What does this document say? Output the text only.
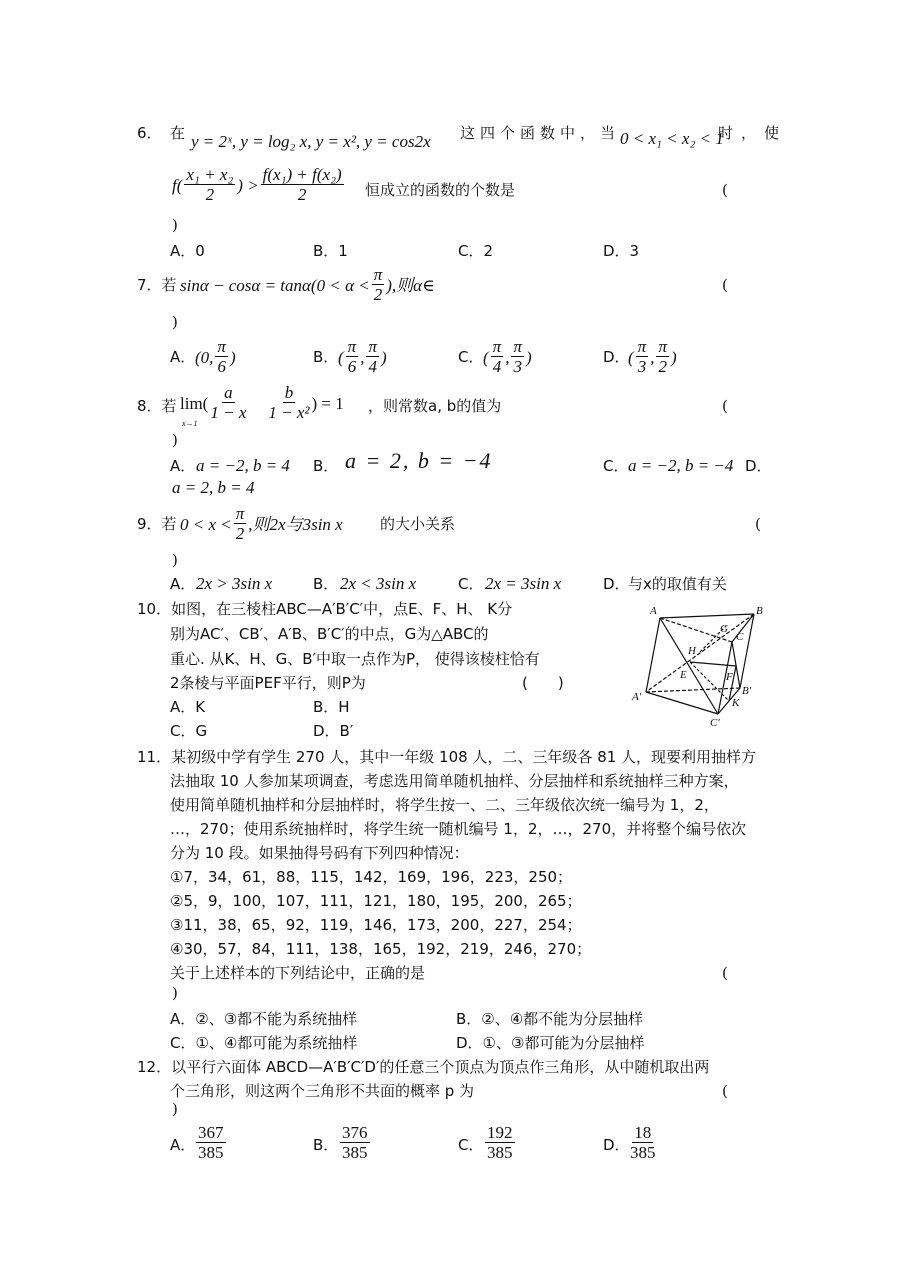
6． 在 y = 2ˣ, y = log₂ x, y = x², y = cos2x 这四个函数中，当 0 < x₁ < x₂ < 1
时，使
$f( \frac{\text{x₁ + x₂}}{2}$ ) > $\frac{\text{f(x₁) + f(x₂)}}{2}$ 恒成立的函数的个数是	(
)
A．0	B．1	C．2	D．3
7．若 $\sin\alpha - \cos\alpha = \tan\alpha(0 < \alpha < \frac{\pi}{2}$ ),则α∈	(
)
A． (0, $\frac{\pi}{6}$ )	B． ( $\frac{\pi}{6}$ , $\frac{\pi}{4}$ )	C． ( $\frac{\pi}{4}$ , $\frac{\pi}{3}$ )	D．
( $\frac{\pi}{3}$ , $\frac{\pi}{2}$ )
8．若 lim(
$x\to 1 \frac{a}{1 - x} \frac{b}{\text{1 − x²}}$ ) = 1 ，则常数a, b的值为	(
)
A． a = −2, b = 4 B． a = 2, b = −4	C． a = −2, b = −4 D．
a = 2, b = 4
9．若 $0 < x < \frac{\pi}{2}$ ,则2x与3sin x 的大小关系	(
)
A． 2x > 3sin x	B． 2x < 3sin x	C． 2x = 3sin x	D．
与x的取值有关
10．如图，在三棱柱ABC—A′B′C′中，点E、F、H、 K分
别为AC′、CB′、A′B、B′C′的中点，G为△ABC的
重心. 从K、H、G、B′中取一点作为P， 使得该棱柱恰有
2条棱与平面PEF平行，则P为	(　　)
A．K	B．H
C．G	D．B′
A	B
G
C
H
E	F
A′	B′
K
C′
11．某初级中学有学生 270 人，其中一年级 108 人，二、三年级各 81 人，现要利用抽样方
法抽取 10 人参加某项调查，考虑选用简单随机抽样、分层抽样和系统抽样三种方案，
使用简单随机抽样和分层抽样时，将学生按一、二、三年级依次统一编号为 1，2，
…，270；使用系统抽样时，将学生统一随机编号 1，2，…，270，并将整个编号依次
分为 10 段。如果抽得号码有下列四种情况：
①7，34，61，88，115，142，169，196，223，250；
②5，9，100，107，111，121，180，195，200，265；
③11，38，65，92，119，146，173，200，227，254；
④30，57，84，111，138，165，192，219，246，270；
关于上述样本的下列结论中，正确的是	(
)
A．②、③都不能为系统抽样	B．②、④都不能为分层抽样
C．①、④都可能为系统抽样	D．①、③都可能为分层抽样
12．以平行六面体 ABCD—A′B′C′D′的任意三个顶点为顶点作三角形，从中随机取出两
个三角形，则这两个三角形不共面的概率 p 为	(
)
A． $\frac{367}{385}$	B． $\frac{376}{385}$	C． $\frac{192}{385}$	D． $\frac{18}{385}$
